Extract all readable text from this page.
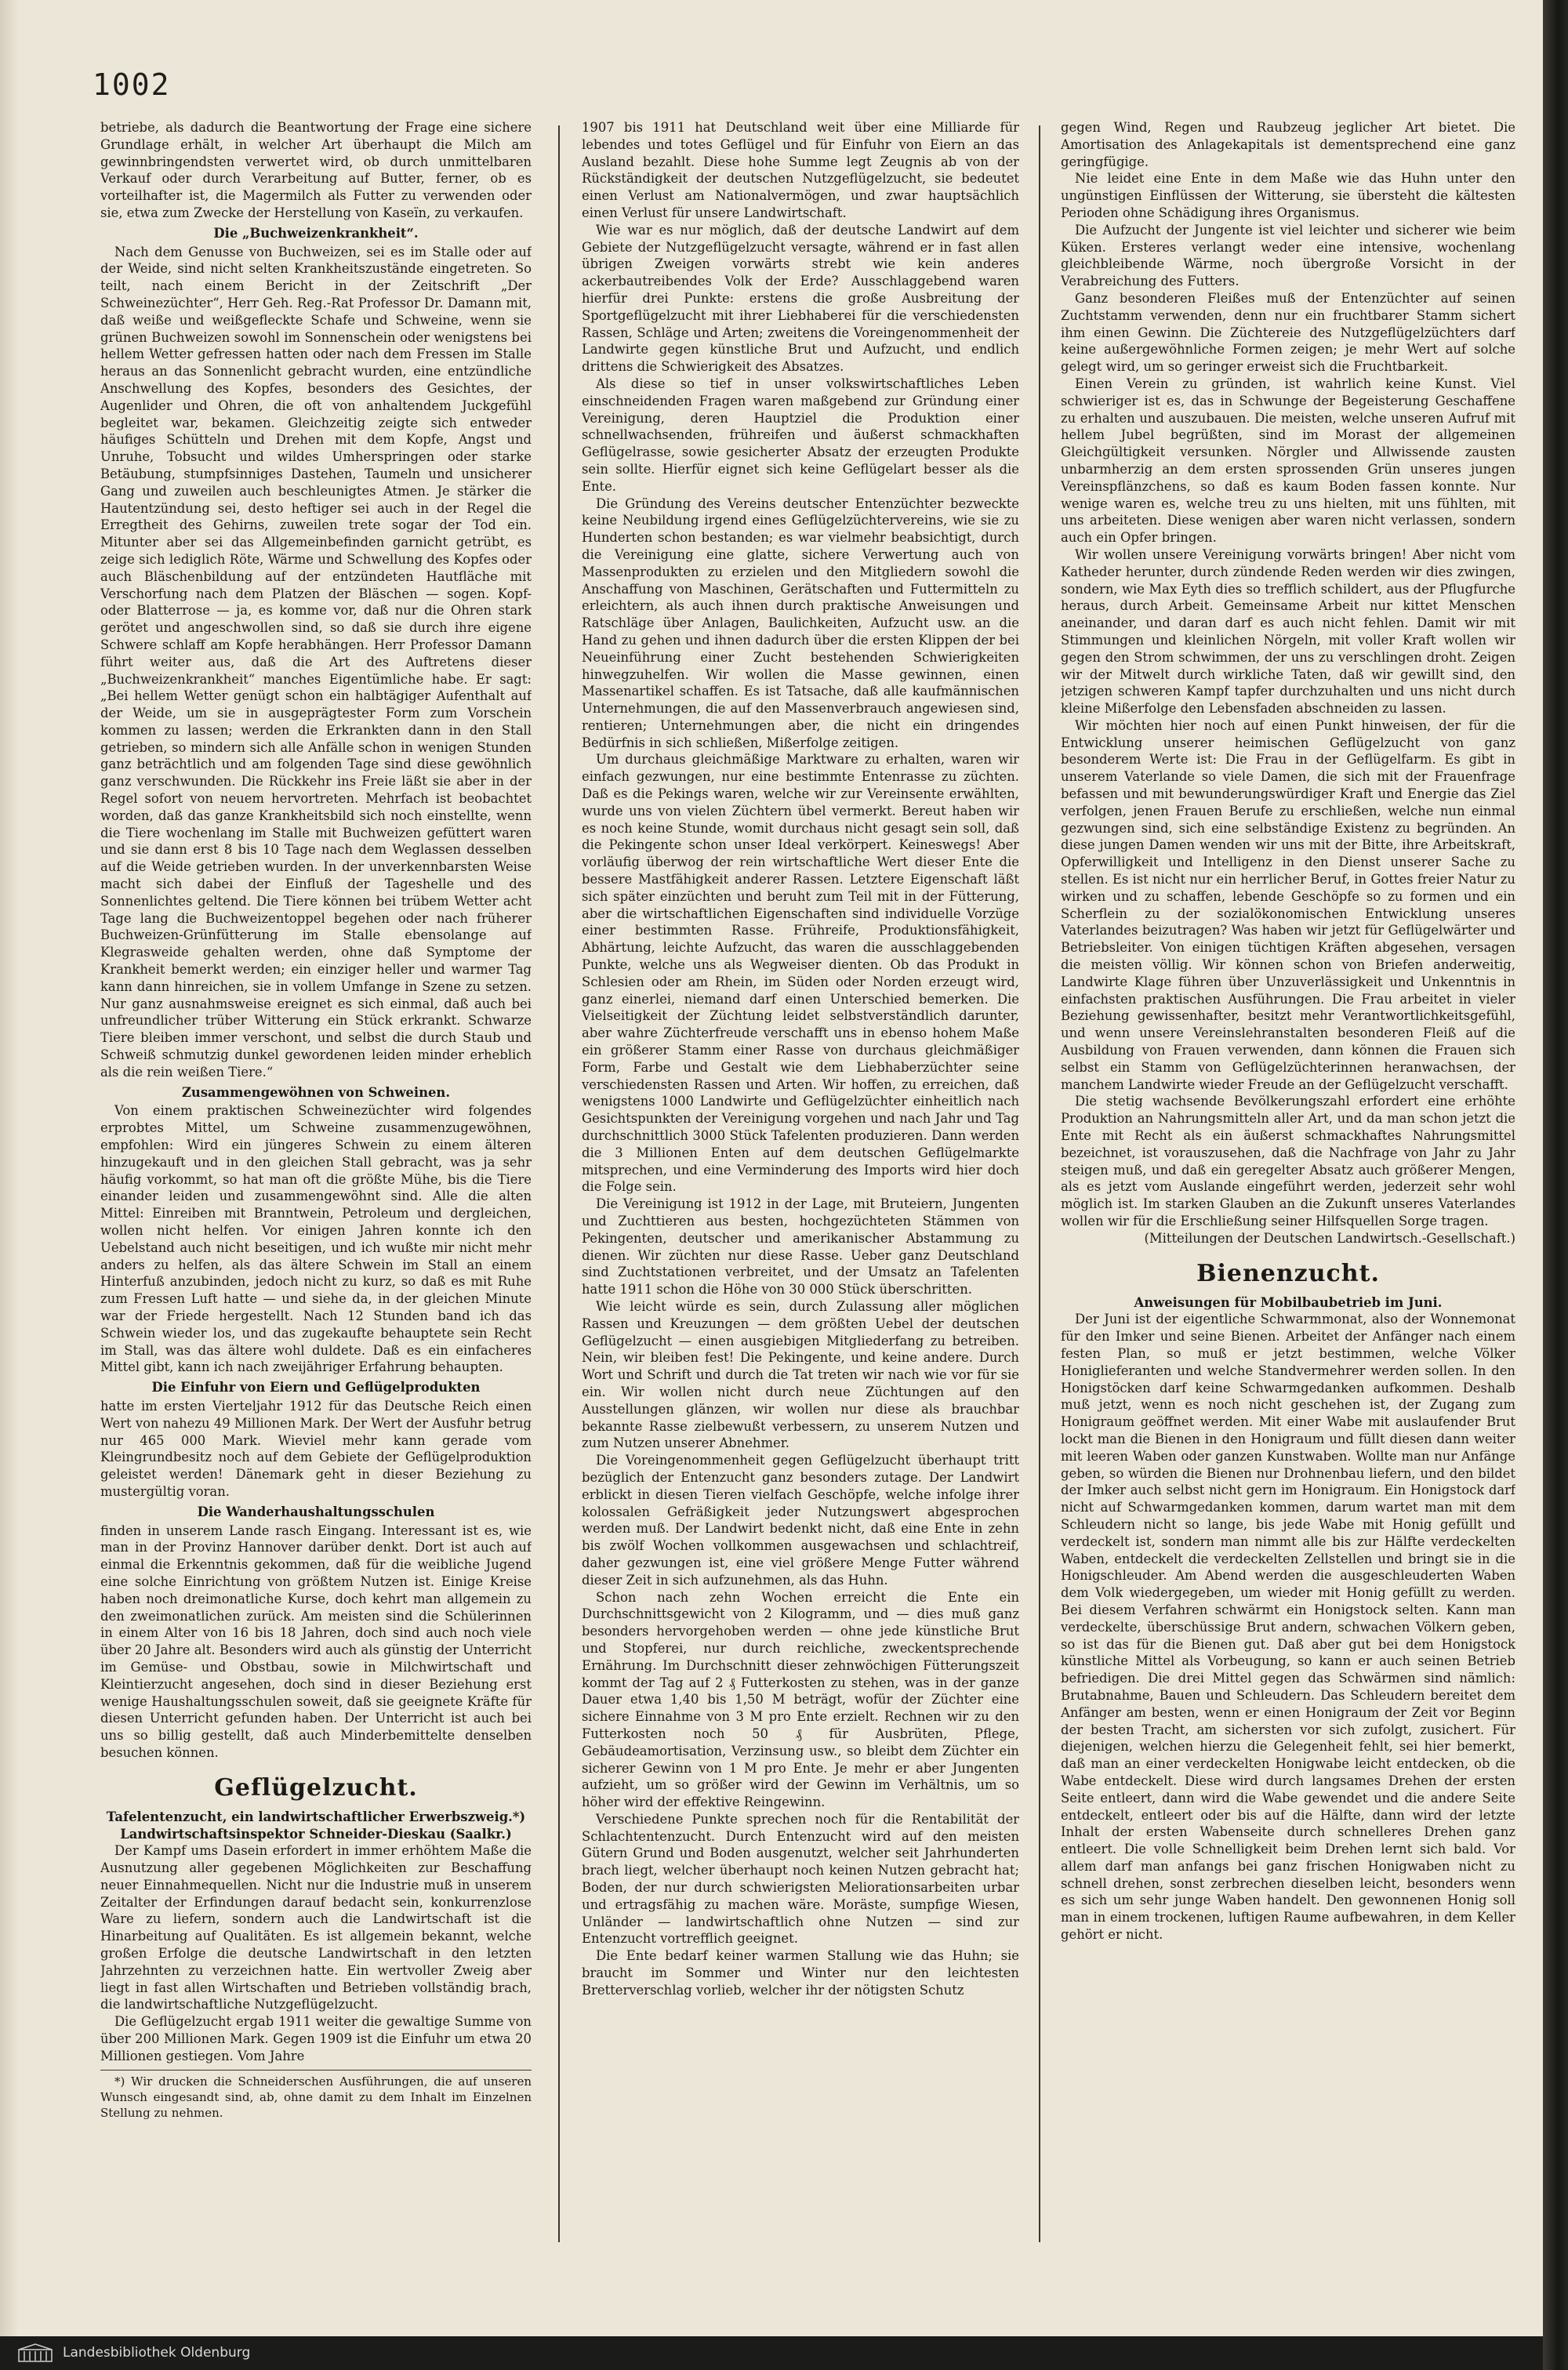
1002

betriebe, als dadurch die Beantwortung der Frage eine sichere Grundlage erhält, in welcher Art überhaupt die Milch am gewinnbringendsten verwertet wird, ob durch unmittelbaren Verkauf oder durch Verarbeitung auf Butter, ferner, ob es vorteilhafter ist, die Magermilch als Futter zu verwenden oder sie, etwa zum Zwecke der Herstellung von Kaseïn, zu verkaufen.

Die „Buchweizenkrankheit“.

Nach dem Genusse von Buchweizen, sei es im Stalle oder auf der Weide, sind nicht selten Krankheitszustände eingetreten. So teilt, nach einem Bericht in der Zeitschrift „Der Schweinezüchter“, Herr Geh. Reg.-Rat Professor Dr. Damann mit, daß weiße und weißgefleckte Schafe und Schweine, wenn sie grünen Buchweizen sowohl im Sonnenschein oder wenigstens bei hellem Wetter gefressen hatten oder nach dem Fressen im Stalle heraus an das Sonnenlicht gebracht wurden, eine entzündliche Anschwellung des Kopfes, besonders des Gesichtes, der Augenlider und Ohren, die oft von anhaltendem Juckgefühl begleitet war, bekamen. Gleichzeitig zeigte sich entweder häufiges Schütteln und Drehen mit dem Kopfe, Angst und Unruhe, Tobsucht und wildes Umherspringen oder starke Betäubung, stumpfsinniges Dastehen, Taumeln und unsicherer Gang und zuweilen auch beschleunigtes Atmen. Je stärker die Hautentzündung sei, desto heftiger sei auch in der Regel die Erregtheit des Gehirns, zuweilen trete sogar der Tod ein. Mitunter aber sei das Allgemeinbefinden garnicht getrübt, es zeige sich lediglich Röte, Wärme und Schwellung des Kopfes oder auch Bläschenbildung auf der entzündeten Hautfläche mit Verschorfung nach dem Platzen der Bläschen — sogen. Kopf- oder Blatterrose — ja, es komme vor, daß nur die Ohren stark gerötet und angeschwollen sind, so daß sie durch ihre eigene Schwere schlaff am Kopfe herabhängen. Herr Professor Damann führt weiter aus, daß die Art des Auftretens dieser „Buchweizenkrankheit“ manches Eigentümliche habe. Er sagt: „Bei hellem Wetter genügt schon ein halbtägiger Aufenthalt auf der Weide, um sie in ausgeprägtester Form zum Vorschein kommen zu lassen; werden die Erkrankten dann in den Stall getrieben, so mindern sich alle Anfälle schon in wenigen Stunden ganz beträchtlich und am folgenden Tage sind diese gewöhnlich ganz verschwunden. Die Rückkehr ins Freie läßt sie aber in der Regel sofort von neuem hervortreten. Mehrfach ist beobachtet worden, daß das ganze Krankheitsbild sich noch einstellte, wenn die Tiere wochenlang im Stalle mit Buchweizen gefüttert waren und sie dann erst 8 bis 10 Tage nach dem Weglassen desselben auf die Weide getrieben wurden. In der unverkennbarsten Weise macht sich dabei der Einfluß der Tageshelle und des Sonnenlichtes geltend. Die Tiere können bei trübem Wetter acht Tage lang die Buchweizentoppel begehen oder nach früherer Buchweizen-Grünfütterung im Stalle ebensolange auf Klegrasweide gehalten werden, ohne daß Symptome der Krankheit bemerkt werden; ein einziger heller und warmer Tag kann dann hinreichen, sie in vollem Umfange in Szene zu setzen. Nur ganz ausnahmsweise ereignet es sich einmal, daß auch bei unfreundlicher trüber Witterung ein Stück erkrankt. Schwarze Tiere bleiben immer verschont, und selbst die durch Staub und Schweiß schmutzig dunkel gewordenen leiden minder erheblich als die rein weißen Tiere.“

Zusammengewöhnen von Schweinen.

Von einem praktischen Schweinezüchter wird folgendes erprobtes Mittel, um Schweine zusammenzugewöhnen, empfohlen: Wird ein jüngeres Schwein zu einem älteren hinzugekauft und in den gleichen Stall gebracht, was ja sehr häufig vorkommt, so hat man oft die größte Mühe, bis die Tiere einander leiden und zusammengewöhnt sind. Alle die alten Mittel: Einreiben mit Branntwein, Petroleum und dergleichen, wollen nicht helfen. Vor einigen Jahren konnte ich den Uebelstand auch nicht beseitigen, und ich wußte mir nicht mehr anders zu helfen, als das ältere Schwein im Stall an einem Hinterfuß anzubinden, jedoch nicht zu kurz, so daß es mit Ruhe zum Fressen Luft hatte — und siehe da, in der gleichen Minute war der Friede hergestellt. Nach 12 Stunden band ich das Schwein wieder los, und das zugekaufte behauptete sein Recht im Stall, was das ältere wohl duldete. Daß es ein einfacheres Mittel gibt, kann ich nach zweijähriger Erfahrung behaupten.

Die Einfuhr von Eiern und Geflügelprodukten

hatte im ersten Vierteljahr 1912 für das Deutsche Reich einen Wert von nahezu 49 Millionen Mark. Der Wert der Ausfuhr betrug nur 465 000 Mark. Wieviel mehr kann gerade vom Kleingrundbesitz noch auf dem Gebiete der Geflügelproduktion geleistet werden! Dänemark geht in dieser Beziehung zu mustergültig voran.

Die Wanderhaushaltungsschulen

finden in unserem Lande rasch Eingang. Interessant ist es, wie man in der Provinz Hannover darüber denkt. Dort ist auch auf einmal die Erkenntnis gekommen, daß für die weibliche Jugend eine solche Einrichtung von größtem Nutzen ist. Einige Kreise haben noch dreimonatliche Kurse, doch kehrt man allgemein zu den zweimonatlichen zurück. Am meisten sind die Schülerinnen in einem Alter von 16 bis 18 Jahren, doch sind auch noch viele über 20 Jahre alt. Besonders wird auch als günstig der Unterricht im Gemüse- und Obstbau, sowie in Milchwirtschaft und Kleintierzucht angesehen, doch sind in dieser Beziehung erst wenige Haushaltungsschulen soweit, daß sie geeignete Kräfte für diesen Unterricht gefunden haben. Der Unterricht ist auch bei uns so billig gestellt, daß auch Minderbemittelte denselben besuchen können.

Geflügelzucht.

Tafelentenzucht, ein landwirtschaftlicher Erwerbszweig.*)

Landwirtschaftsinspektor Schneider-Dieskau (Saalkr.)

Der Kampf ums Dasein erfordert in immer erhöhtem Maße die Ausnutzung aller gegebenen Möglichkeiten zur Beschaffung neuer Einnahmequellen. Nicht nur die Industrie muß in unserem Zeitalter der Erfindungen darauf bedacht sein, konkurrenzlose Ware zu liefern, sondern auch die Landwirtschaft ist die Hinarbeitung auf Qualitäten. Es ist allgemein bekannt, welche großen Erfolge die deutsche Landwirtschaft in den letzten Jahrzehnten zu verzeichnen hatte. Ein wertvoller Zweig aber liegt in fast allen Wirtschaften und Betrieben vollständig brach, die landwirtschaftliche Nutzgeflügelzucht.

Die Geflügelzucht ergab 1911 weiter die gewaltige Summe von über 200 Millionen Mark. Gegen 1909 ist die Einfuhr um etwa 20 Millionen gestiegen. Vom Jahre

*) Wir drucken die Schneiderschen Ausführungen, die auf unseren Wunsch eingesandt sind, ab, ohne damit zu dem Inhalt im Einzelnen Stellung zu nehmen.

1907 bis 1911 hat Deutschland weit über eine Milliarde für lebendes und totes Geflügel und für Einfuhr von Eiern an das Ausland bezahlt. Diese hohe Summe legt Zeugnis ab von der Rückständigkeit der deutschen Nutzgeflügelzucht, sie bedeutet einen Verlust am Nationalvermögen, und zwar hauptsächlich einen Verlust für unsere Landwirtschaft.

Wie war es nur möglich, daß der deutsche Landwirt auf dem Gebiete der Nutzgeflügelzucht versagte, während er in fast allen übrigen Zweigen vorwärts strebt wie kein anderes ackerbautreibendes Volk der Erde? Ausschlaggebend waren hierfür drei Punkte: erstens die große Ausbreitung der Sportgeflügelzucht mit ihrer Liebhaberei für die verschiedensten Rassen, Schläge und Arten; zweitens die Voreingenommenheit der Landwirte gegen künstliche Brut und Aufzucht, und endlich drittens die Schwierigkeit des Absatzes.

Als diese so tief in unser volkswirtschaftliches Leben einschneidenden Fragen waren maßgebend zur Gründung einer Vereinigung, deren Hauptziel die Produktion einer schnellwachsenden, frühreifen und äußerst schmackhaften Geflügelrasse, sowie gesicherter Absatz der erzeugten Produkte sein sollte. Hierfür eignet sich keine Geflügelart besser als die Ente.

Die Gründung des Vereins deutscher Entenzüchter bezweckte keine Neubildung irgend eines Geflügelzüchtervereins, wie sie zu Hunderten schon bestanden; es war vielmehr beabsichtigt, durch die Vereinigung eine glatte, sichere Verwertung auch von Massenprodukten zu erzielen und den Mitgliedern sowohl die Anschaffung von Maschinen, Gerätschaften und Futtermitteln zu erleichtern, als auch ihnen durch praktische Anweisungen und Ratschläge über Anlagen, Baulichkeiten, Aufzucht usw. an die Hand zu gehen und ihnen dadurch über die ersten Klippen der bei Neueinführung einer Zucht bestehenden Schwierigkeiten hinwegzuhelfen. Wir wollen die Masse gewinnen, einen Massenartikel schaffen. Es ist Tatsache, daß alle kaufmännischen Unternehmungen, die auf den Massenverbrauch angewiesen sind, rentieren; Unternehmungen aber, die nicht ein dringendes Bedürfnis in sich schließen, Mißerfolge zeitigen.

Um durchaus gleichmäßige Marktware zu erhalten, waren wir einfach gezwungen, nur eine bestimmte Entenrasse zu züchten. Daß es die Pekings waren, welche wir zur Vereinsente erwählten, wurde uns von vielen Züchtern übel vermerkt. Bereut haben wir es noch keine Stunde, womit durchaus nicht gesagt sein soll, daß die Pekingente schon unser Ideal verkörpert. Keineswegs! Aber vorläufig überwog der rein wirtschaftliche Wert dieser Ente die bessere Mastfähigkeit anderer Rassen. Letztere Eigenschaft läßt sich später einzüchten und beruht zum Teil mit in der Fütterung, aber die wirtschaftlichen Eigenschaften sind individuelle Vorzüge einer bestimmten Rasse. Frühreife, Produktionsfähigkeit, Abhärtung, leichte Aufzucht, das waren die ausschlaggebenden Punkte, welche uns als Wegweiser dienten. Ob das Produkt in Schlesien oder am Rhein, im Süden oder Norden erzeugt wird, ganz einerlei, niemand darf einen Unterschied bemerken. Die Vielseitigkeit der Züchtung leidet selbstverständlich darunter, aber wahre Züchterfreude verschafft uns in ebenso hohem Maße ein größerer Stamm einer Rasse von durchaus gleichmäßiger Form, Farbe und Gestalt wie dem Liebhaberzüchter seine verschiedensten Rassen und Arten. Wir hoffen, zu erreichen, daß wenigstens 1000 Landwirte und Geflügelzüchter einheitlich nach Gesichtspunkten der Vereinigung vorgehen und nach Jahr und Tag durchschnittlich 3000 Stück Tafelenten produzieren. Dann werden die 3 Millionen Enten auf dem deutschen Geflügelmarkte mitsprechen, und eine Verminderung des Imports wird hier doch die Folge sein.

Die Vereinigung ist 1912 in der Lage, mit Bruteiern, Jungenten und Zuchttieren aus besten, hochgezüchteten Stämmen von Pekingenten, deutscher und amerikanischer Abstammung zu dienen. Wir züchten nur diese Rasse. Ueber ganz Deutschland sind Zuchtstationen verbreitet, und der Umsatz an Tafelenten hatte 1911 schon die Höhe von 30 000 Stück überschritten.

Wie leicht würde es sein, durch Zulassung aller möglichen Rassen und Kreuzungen — dem größten Uebel der deutschen Geflügelzucht — einen ausgiebigen Mitgliederfang zu betreiben. Nein, wir bleiben fest! Die Pekingente, und keine andere. Durch Wort und Schrift und durch die Tat treten wir nach wie vor für sie ein. Wir wollen nicht durch neue Züchtungen auf den Ausstellungen glänzen, wir wollen nur diese als brauchbar bekannte Rasse zielbewußt verbessern, zu unserem Nutzen und zum Nutzen unserer Abnehmer.

Die Voreingenommenheit gegen Geflügelzucht überhaupt tritt bezüglich der Entenzucht ganz besonders zutage. Der Landwirt erblickt in diesen Tieren vielfach Geschöpfe, welche infolge ihrer kolossalen Gefräßigkeit jeder Nutzungswert abgesprochen werden muß. Der Landwirt bedenkt nicht, daß eine Ente in zehn bis zwölf Wochen vollkommen ausgewachsen und schlachtreif, daher gezwungen ist, eine viel größere Menge Futter während dieser Zeit in sich aufzunehmen, als das Huhn.

Schon nach zehn Wochen erreicht die Ente ein Durchschnittsgewicht von 2 Kilogramm, und — dies muß ganz besonders hervorgehoben werden — ohne jede künstliche Brut und Stopferei, nur durch reichliche, zweckentsprechende Ernährung. Im Durchschnitt dieser zehnwöchigen Fütterungszeit kommt der Tag auf 2 ₰ Futterkosten zu stehen, was in der ganze Dauer etwa 1,40 bis 1,50 M beträgt, wofür der Züchter eine sichere Einnahme von 3 M pro Ente erzielt. Rechnen wir zu den Futterkosten noch 50 ₰ für Ausbrüten, Pflege, Gebäudeamortisation, Verzinsung usw., so bleibt dem Züchter ein sicherer Gewinn von 1 M pro Ente. Je mehr er aber Jungenten aufzieht, um so größer wird der Gewinn im Verhältnis, um so höher wird der effektive Reingewinn.

Verschiedene Punkte sprechen noch für die Rentabilität der Schlachtentenzucht. Durch Entenzucht wird auf den meisten Gütern Grund und Boden ausgenutzt, welcher seit Jahrhunderten brach liegt, welcher überhaupt noch keinen Nutzen gebracht hat; Boden, der nur durch schwierigsten Meliorationsarbeiten urbar und ertragsfähig zu machen wäre. Moräste, sumpfige Wiesen, Unländer — landwirtschaftlich ohne Nutzen — sind zur Entenzucht vortrefflich geeignet.

Die Ente bedarf keiner warmen Stallung wie das Huhn; sie braucht im Sommer und Winter nur den leichtesten Bretterverschlag vorlieb, welcher ihr der nötigsten Schutz

gegen Wind, Regen und Raubzeug jeglicher Art bietet. Die Amortisation des Anlagekapitals ist dementsprechend eine ganz geringfügige.

Nie leidet eine Ente in dem Maße wie das Huhn unter den ungünstigen Einflüssen der Witterung, sie übersteht die kältesten Perioden ohne Schädigung ihres Organismus.

Die Aufzucht der Jungente ist viel leichter und sicherer wie beim Küken. Ersteres verlangt weder eine intensive, wochenlang gleichbleibende Wärme, noch übergroße Vorsicht in der Verabreichung des Futters.

Ganz besonderen Fleißes muß der Entenzüchter auf seinen Zuchtstamm verwenden, denn nur ein fruchtbarer Stamm sichert ihm einen Gewinn. Die Züchtereie des Nutzgeflügelzüchters darf keine außergewöhnliche Formen zeigen; je mehr Wert auf solche gelegt wird, um so geringer erweist sich die Fruchtbarkeit.

Einen Verein zu gründen, ist wahrlich keine Kunst. Viel schwieriger ist es, das in Schwunge der Begeisterung Geschaffene zu erhalten und auszubauen. Die meisten, welche unseren Aufruf mit hellem Jubel begrüßten, sind im Morast der allgemeinen Gleichgültigkeit versunken. Nörgler und Allwissende zausten unbarmherzig an dem ersten sprossenden Grün unseres jungen Vereinspflänzchens, so daß es kaum Boden fassen konnte. Nur wenige waren es, welche treu zu uns hielten, mit uns fühlten, mit uns arbeiteten. Diese wenigen aber waren nicht verlassen, sondern auch ein Opfer bringen.

Wir wollen unsere Vereinigung vorwärts bringen! Aber nicht vom Katheder herunter, durch zündende Reden werden wir dies zwingen, sondern, wie Max Eyth dies so trefflich schildert, aus der Pflugfurche heraus, durch Arbeit. Gemeinsame Arbeit nur kittet Menschen aneinander, und daran darf es auch nicht fehlen. Damit wir mit Stimmungen und kleinlichen Nörgeln, mit voller Kraft wollen wir gegen den Strom schwimmen, der uns zu verschlingen droht. Zeigen wir der Mitwelt durch wirkliche Taten, daß wir gewillt sind, den jetzigen schweren Kampf tapfer durchzuhalten und uns nicht durch kleine Mißerfolge den Lebensfaden abschneiden zu lassen.

Wir möchten hier noch auf einen Punkt hinweisen, der für die Entwicklung unserer heimischen Geflügelzucht von ganz besonderem Werte ist: Die Frau in der Geflügelfarm. Es gibt in unserem Vaterlande so viele Damen, die sich mit der Frauenfrage befassen und mit bewunderungswürdiger Kraft und Energie das Ziel verfolgen, jenen Frauen Berufe zu erschließen, welche nun einmal gezwungen sind, sich eine selbständige Existenz zu begründen. An diese jungen Damen wenden wir uns mit der Bitte, ihre Arbeitskraft, Opferwilligkeit und Intelligenz in den Dienst unserer Sache zu stellen. Es ist nicht nur ein herrlicher Beruf, in Gottes freier Natur zu wirken und zu schaffen, lebende Geschöpfe so zu formen und ein Scherflein zu der sozialökonomischen Entwicklung unseres Vaterlandes beizutragen? Was haben wir jetzt für Geflügelwärter und Betriebsleiter. Von einigen tüchtigen Kräften abgesehen, versagen die meisten völlig. Wir können schon von Briefen anderweitig, Landwirte Klage führen über Unzuverlässigkeit und Unkenntnis in einfachsten praktischen Ausführungen. Die Frau arbeitet in vieler Beziehung gewissenhafter, besitzt mehr Verantwortlichkeitsgefühl, und wenn unsere Vereinslehranstalten besonderen Fleiß auf die Ausbildung von Frauen verwenden, dann können die Frauen sich selbst ein Stamm von Geflügelzüchterinnen heranwachsen, der manchem Landwirte wieder Freude an der Geflügelzucht verschafft.

Die stetig wachsende Bevölkerungszahl erfordert eine erhöhte Produktion an Nahrungsmitteln aller Art, und da man schon jetzt die Ente mit Recht als ein äußerst schmackhaftes Nahrungsmittel bezeichnet, ist vorauszusehen, daß die Nachfrage von Jahr zu Jahr steigen muß, und daß ein geregelter Absatz auch größerer Mengen, als es jetzt vom Auslande eingeführt werden, jederzeit sehr wohl möglich ist. Im starken Glauben an die Zukunft unseres Vaterlandes wollen wir für die Erschließung seiner Hilfsquellen Sorge tragen.

(Mitteilungen der Deutschen Landwirtsch.-Gesellschaft.)

Bienenzucht.

Anweisungen für Mobilbaubetrieb im Juni.

Der Juni ist der eigentliche Schwarmmonat, also der Wonnemonat für den Imker und seine Bienen. Arbeitet der Anfänger nach einem festen Plan, so muß er jetzt bestimmen, welche Völker Honiglieferanten und welche Standvermehrer werden sollen. In den Honigstöcken darf keine Schwarmgedanken aufkommen. Deshalb muß jetzt, wenn es noch nicht geschehen ist, der Zugang zum Honigraum geöffnet werden. Mit einer Wabe mit auslaufender Brut lockt man die Bienen in den Honigraum und füllt diesen dann weiter mit leeren Waben oder ganzen Kunstwaben. Wollte man nur Anfänge geben, so würden die Bienen nur Drohnenbau liefern, und den bildet der Imker auch selbst nicht gern im Honigraum. Ein Honigstock darf nicht auf Schwarmgedanken kommen, darum wartet man mit dem Schleudern nicht so lange, bis jede Wabe mit Honig gefüllt und verdeckelt ist, sondern man nimmt alle bis zur Hälfte verdeckelten Waben, entdeckelt die verdeckelten Zellstellen und bringt sie in die Honigschleuder. Am Abend werden die ausgeschleuderten Waben dem Volk wiedergegeben, um wieder mit Honig gefüllt zu werden. Bei diesem Verfahren schwärmt ein Honigstock selten. Kann man verdeckelte, überschüssige Brut andern, schwachen Völkern geben, so ist das für die Bienen gut. Daß aber gut bei dem Honigstock künstliche Mittel als Vorbeugung, so kann er auch seinen Betrieb befriedigen. Die drei Mittel gegen das Schwärmen sind nämlich: Brutabnahme, Bauen und Schleudern. Das Schleudern bereitet dem Anfänger am besten, wenn er einen Honigraum der Zeit vor Beginn der besten Tracht, am sichersten vor sich zufolgt, zusichert. Für diejenigen, welchen hierzu die Gelegenheit fehlt, sei hier bemerkt, daß man an einer verdeckelten Honigwabe leicht entdecken, ob die Wabe entdeckelt. Diese wird durch langsames Drehen der ersten Seite entleert, dann wird die Wabe gewendet und die andere Seite entdeckelt, entleert oder bis auf die Hälfte, dann wird der letzte Inhalt der ersten Wabenseite durch schnelleres Drehen ganz entleert. Die volle Schnelligkeit beim Drehen lernt sich bald. Vor allem darf man anfangs bei ganz frischen Honigwaben nicht zu schnell drehen, sonst zerbrechen dieselben leicht, besonders wenn es sich um sehr junge Waben handelt. Den gewonnenen Honig soll man in einem trockenen, luftigen Raume aufbewahren, in dem Keller gehört er nicht.

Landesbibliothek Oldenburg
